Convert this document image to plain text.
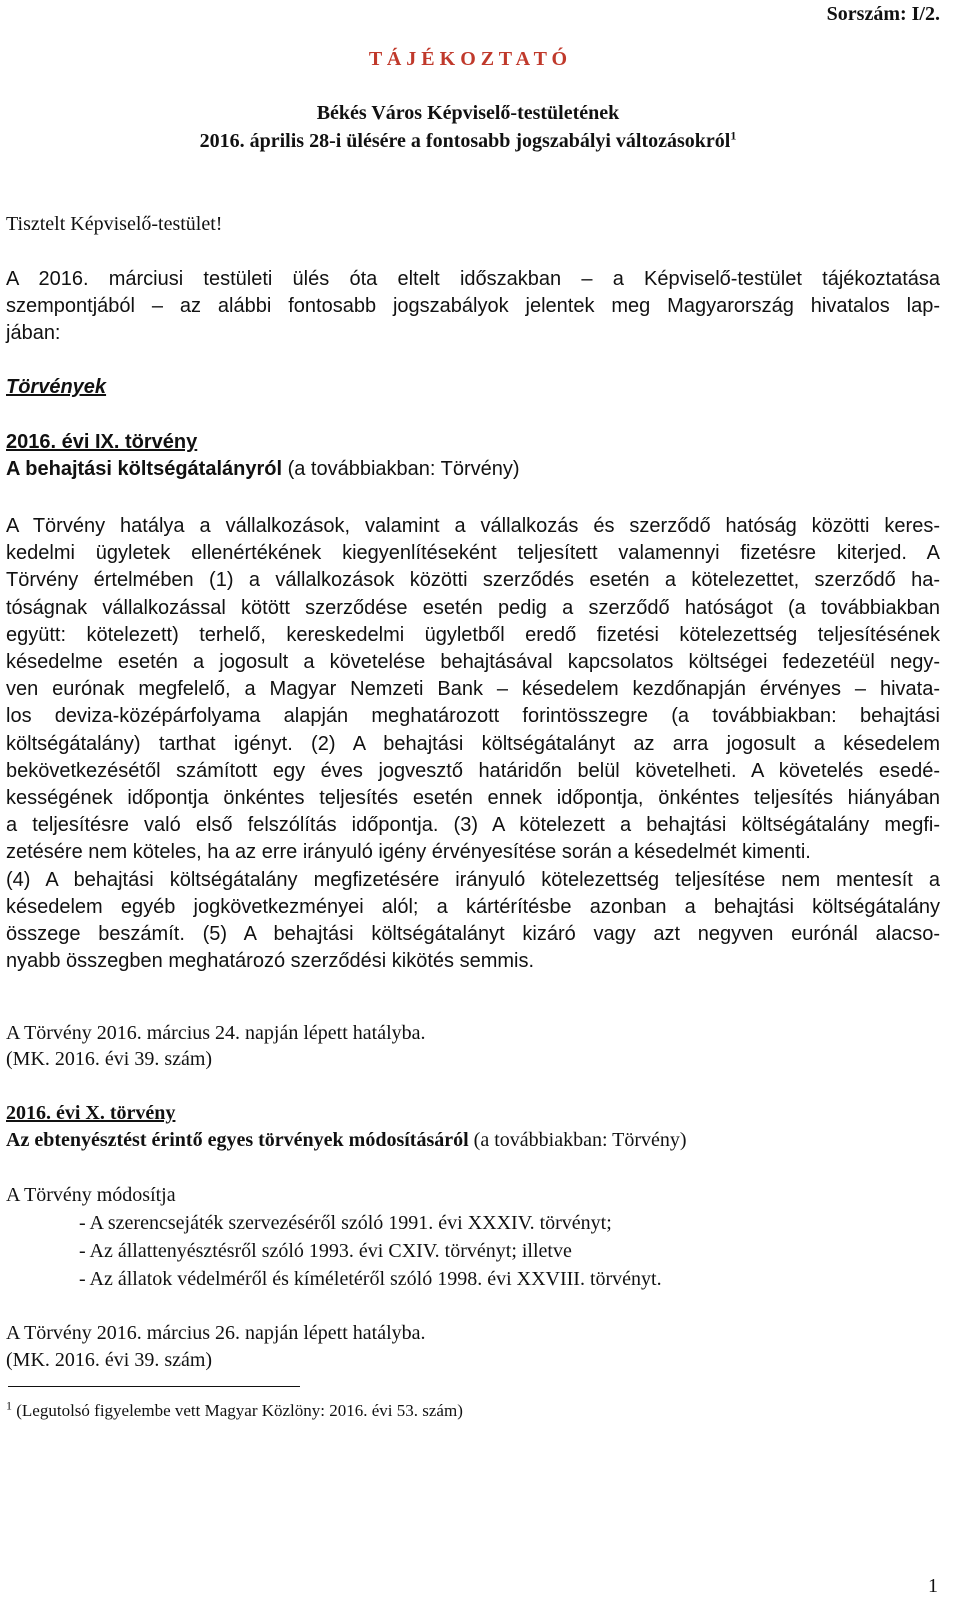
Sorszám: I/2.
T Á J É K O Z T A T Ó
Békés Város Képviselő-testületének
2016. április 28-i ülésére a fontosabb jogszabályi változásokról$^1$
Tisztelt Képviselő-testület!
A 2016. márciusi testületi ülés óta eltelt időszakban – a Képviselő-testület tájékoztatása
szempontjából – az alábbi fontosabb jogszabályok jelentek meg Magyarország hivatalos lap-
jában:
Törvények
2016. évi IX. törvény
A behajtási költségátalányról (a továbbiakban: Törvény)
A Törvény hatálya a vállalkozások, valamint a vállalkozás és szerződő hatóság közötti keres-
kedelmi ügyletek ellenértékének kiegyenlítéseként teljesített valamennyi fizetésre kiterjed. A
Törvény értelmében (1) a vállalkozások közötti szerződés esetén a kötelezettet, szerződő ha-
tóságnak vállalkozással kötött szerződése esetén pedig a szerződő hatóságot (a továbbiakban
együtt: kötelezett) terhelő, kereskedelmi ügyletből eredő fizetési kötelezettség teljesítésének
késedelme esetén a jogosult a követelése behajtásával kapcsolatos költségei fedezetéül negy-
ven eurónak megfelelő, a Magyar Nemzeti Bank – késedelem kezdőnapján érvényes – hivata-
los deviza-középárfolyama alapján meghatározott forintösszegre (a továbbiakban: behajtási
költségátalány) tarthat igényt. (2) A behajtási költségátalányt az arra jogosult a késedelem
bekövetkezésétől számított egy éves jogvesztő határidőn belül követelheti. A követelés esedé-
kességének időpontja önkéntes teljesítés esetén ennek időpontja, önkéntes teljesítés hiányában
a teljesítésre való első felszólítás időpontja. (3) A kötelezett a behajtási költségátalány megfi-
zetésére nem köteles, ha az erre irányuló igény érvényesítése során a késedelmét kimenti.
(4) A behajtási költségátalány megfizetésére irányuló kötelezettség teljesítése nem mentesít a
késedelem egyéb jogkövetkezményei alól; a kártérítésbe azonban a behajtási költségátalány
összege beszámít. (5) A behajtási költségátalányt kizáró vagy azt negyven eurónál alacso-
nyabb összegben meghatározó szerződési kikötés semmis.
A Törvény 2016. március 24. napján lépett hatályba.
(MK. 2016. évi 39. szám)
2016. évi X. törvény
Az ebtenyésztést érintő egyes törvények módosításáról (a továbbiakban: Törvény)
A Törvény módosítja
- A szerencsejáték szervezéséről szóló 1991. évi XXXIV. törvényt;
- Az állattenyésztésről szóló 1993. évi CXIV. törvényt; illetve
- Az állatok védelméről és kíméletéről szóló 1998. évi XXVIII. törvényt.
A Törvény 2016. március 26. napján lépett hatályba.
(MK. 2016. évi 39. szám)
$^1$ (Legutolsó figyelembe vett Magyar Közlöny: 2016. évi 53. szám)
1
